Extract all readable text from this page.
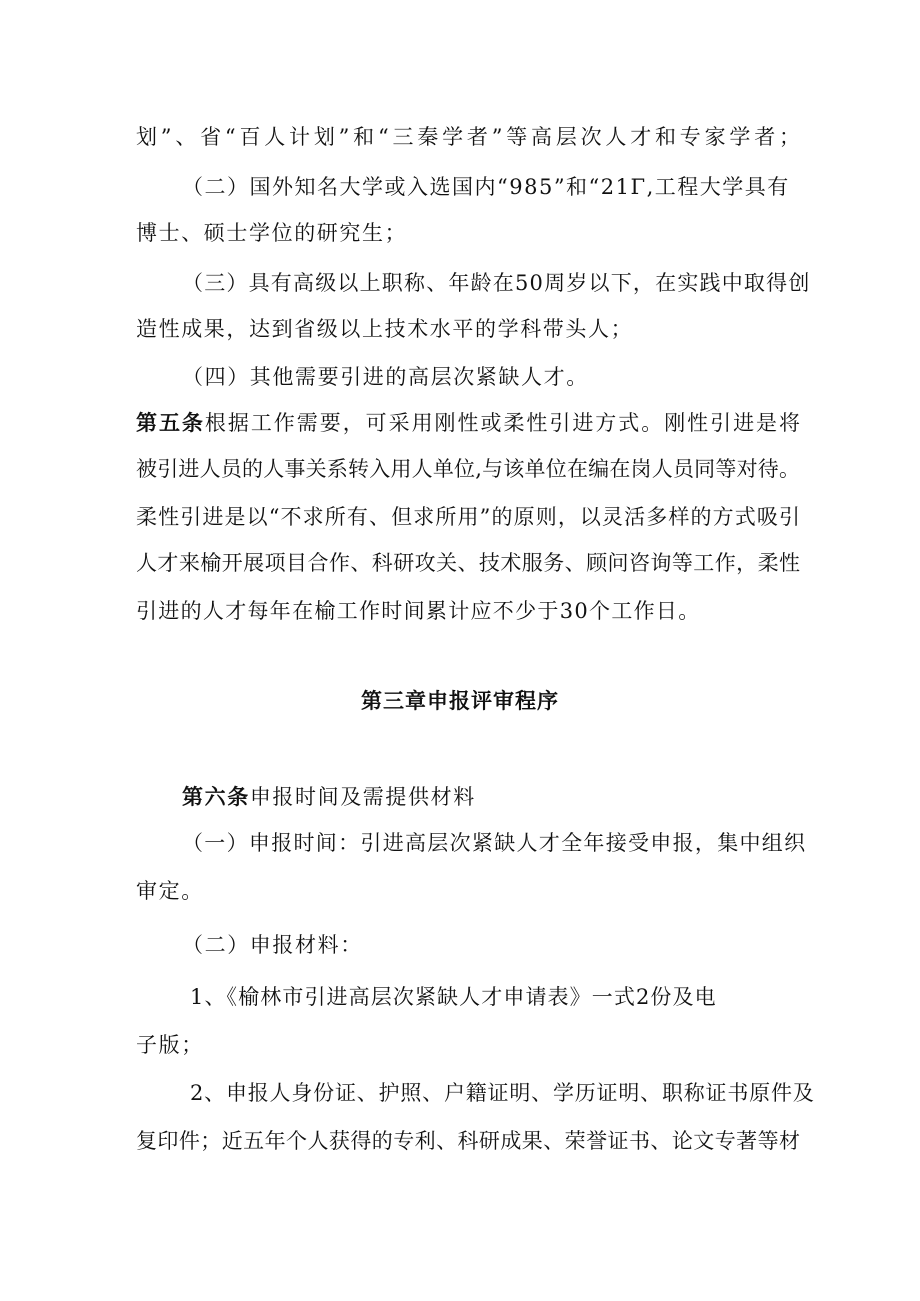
划”、省“百人计划”和“三秦学者”等高层次人才和专家学者；
（二）国外知名大学或入选国内“985”和“21Γ,工程大学具有
博士、硕士学位的研究生；
（三）具有高级以上职称、年龄在50周岁以下，在实践中取得创
造性成果，达到省级以上技术水平的学科带头人；
（四）其他需要引进的高层次紧缺人才。
第五条根据工作需要，可采用刚性或柔性引进方式。刚性引进是将
被引进人员的人事关系转入用人单位,与该单位在编在岗人员同等对待。
柔性引进是以“不求所有、但求所用”的原则，以灵活多样的方式吸引
人才来榆开展项目合作、科研攻关、技术服务、顾问咨询等工作，柔性
引进的人才每年在榆工作时间累计应不少于30个工作日。
第三章申报评审程序
第六条申报时间及需提供材料
（一）申报时间：引进高层次紧缺人才全年接受申报，集中组织
审定。
（二）申报材料：
1、《榆林市引进高层次紧缺人才申请表》一式2份及电
子版；
2、申报人身份证、护照、户籍证明、学历证明、职称证书原件及
复印件；近五年个人获得的专利、科研成果、荣誉证书、论文专著等材
